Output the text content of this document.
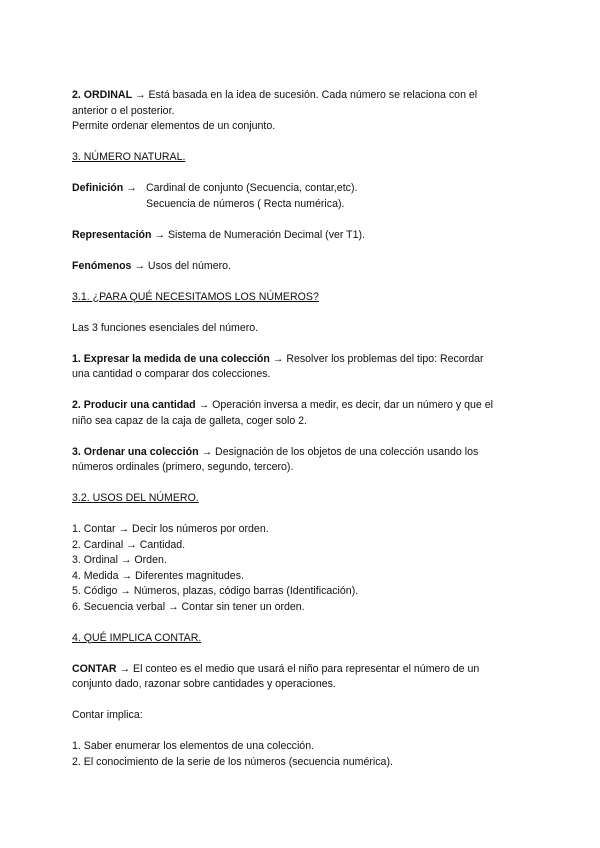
2. ORDINAL → Está basada en la idea de sucesión. Cada número se relaciona con el

anterior o el posterior.

Permite ordenar elementos de un conjunto.

3. NÚMERO NATURAL.

Definición → Cardinal de conjunto (Secuencia, contar,etc).

Secuencia de números ( Recta numérica).

Representación → Sistema de Numeración Decimal (ver T1).

Fenómenos → Usos del número.

3.1. ¿PARA QUÉ NECESITAMOS LOS NÚMEROS?

Las 3 funciones esenciales del número.

1. Expresar la medida de una colección → Resolver los problemas del tipo: Recordar

una cantidad o comparar dos colecciones.

2. Producir una cantidad → Operación inversa a medir, es decir, dar un número y que el

niño sea capaz de la caja de galleta, coger solo 2.

3. Ordenar una colección → Designación de los objetos de una colección usando los

números ordinales (primero, segundo, tercero).

3.2. USOS DEL NÚMERO.

1. Contar → Decir los números por orden.

2. Cardinal → Cantidad.

3. Ordinal → Orden.

4. Medida → Diferentes magnitudes.

5. Código → Números, plazas, código barras (Identificación).

6. Secuencia verbal → Contar sin tener un orden.

4. QUÉ IMPLICA CONTAR.

CONTAR → El conteo es el medio que usará el niño para representar el número de un

conjunto dado, razonar sobre cantidades y operaciones.

Contar implica:

1. Saber enumerar los elementos de una colección.

2. El conocimiento de la serie de los números (secuencia numérica).
